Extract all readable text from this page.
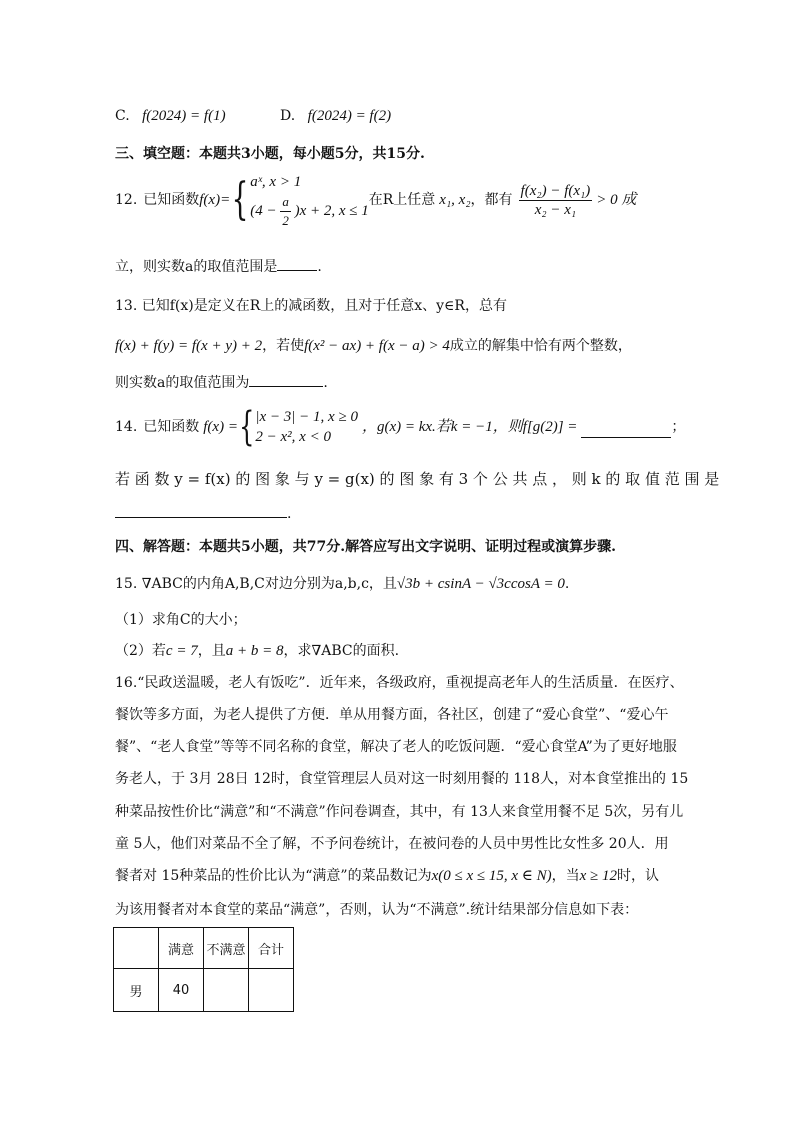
C. f(2024) = f(1)	D. f(2024) = f(2)
三、填空题：本题共3小题，每小题5分，共15分.
12. 已知函数 f(x)= { aˣ, x > 1
$(4 - \frac{a}{2} )x + 2$, x ≤ 1
在R上任意 x₁, x₂ ，都有 $\frac{\text{f(x₂) − f(x₁)}}{\text{x₂ − x₁}} > 0$ 成
立，则实数a的取值范围是	.
13. 已知f(x)是定义在R上的减函数，且对于任意x、y∈R，总有
f(x) + f(y) = f(x + y) + 2，若使f(x² − ax) + f(x − a) > 4成立的解集中恰有两个整数，
则实数a的取值范围为	.
14. 已知函数 f(x) = { |x − 3| − 1, x ≥ 0
2 − x², x < 0
，g(x) = kx. 若k = −1，则f[g(2)] =	；
若 函 数 y = f(x) 的 图 象 与 y = g(x) 的 图 象 有 3 个 公 共 点 ， 则 k 的 取 值 范 围 是
.
四、解答题：本题共5小题，共77分.解答应写出文字说明、证明过程或演算步骤.
15. ∇ABC的内角A,B,C对边分别为a,b,c，且√3b + csinA − √3ccosA = 0.
（1）求角C的大小；
（2）若c = 7，且a + b = 8，求∇ABC的面积.
16.“民政送温暖，老人有饭吃”．近年来，各级政府，重视提高老年人的生活质量．在医疗、
餐饮等多方面，为老人提供了方便．单从用餐方面，各社区，创建了“爱心食堂”、“爱心午
餐”、“老人食堂”等等不同名称的食堂，解决了老人的吃饭问题．“爱心食堂A”为了更好地服
务老人，于 3月 28日 12时，食堂管理层人员对这一时刻用餐的 118人，对本食堂推出的 15
种菜品按性价比“满意”和“不满意”作问卷调查，其中，有 13人来食堂用餐不足 5次，另有儿
童 5人，他们对菜品不全了解，不予问卷统计，在被问卷的人员中男性比女性多 20人．用
餐者对 15种菜品的性价比认为“满意”的菜品数记为x(0 ≤ x ≤ 15, x ∈ N)，当x ≥ 12时，认
为该用餐者对本食堂的菜品“满意”，否则，认为“不满意”.统计结果部分信息如下表：
	满意	不满意	合计
男	40		
